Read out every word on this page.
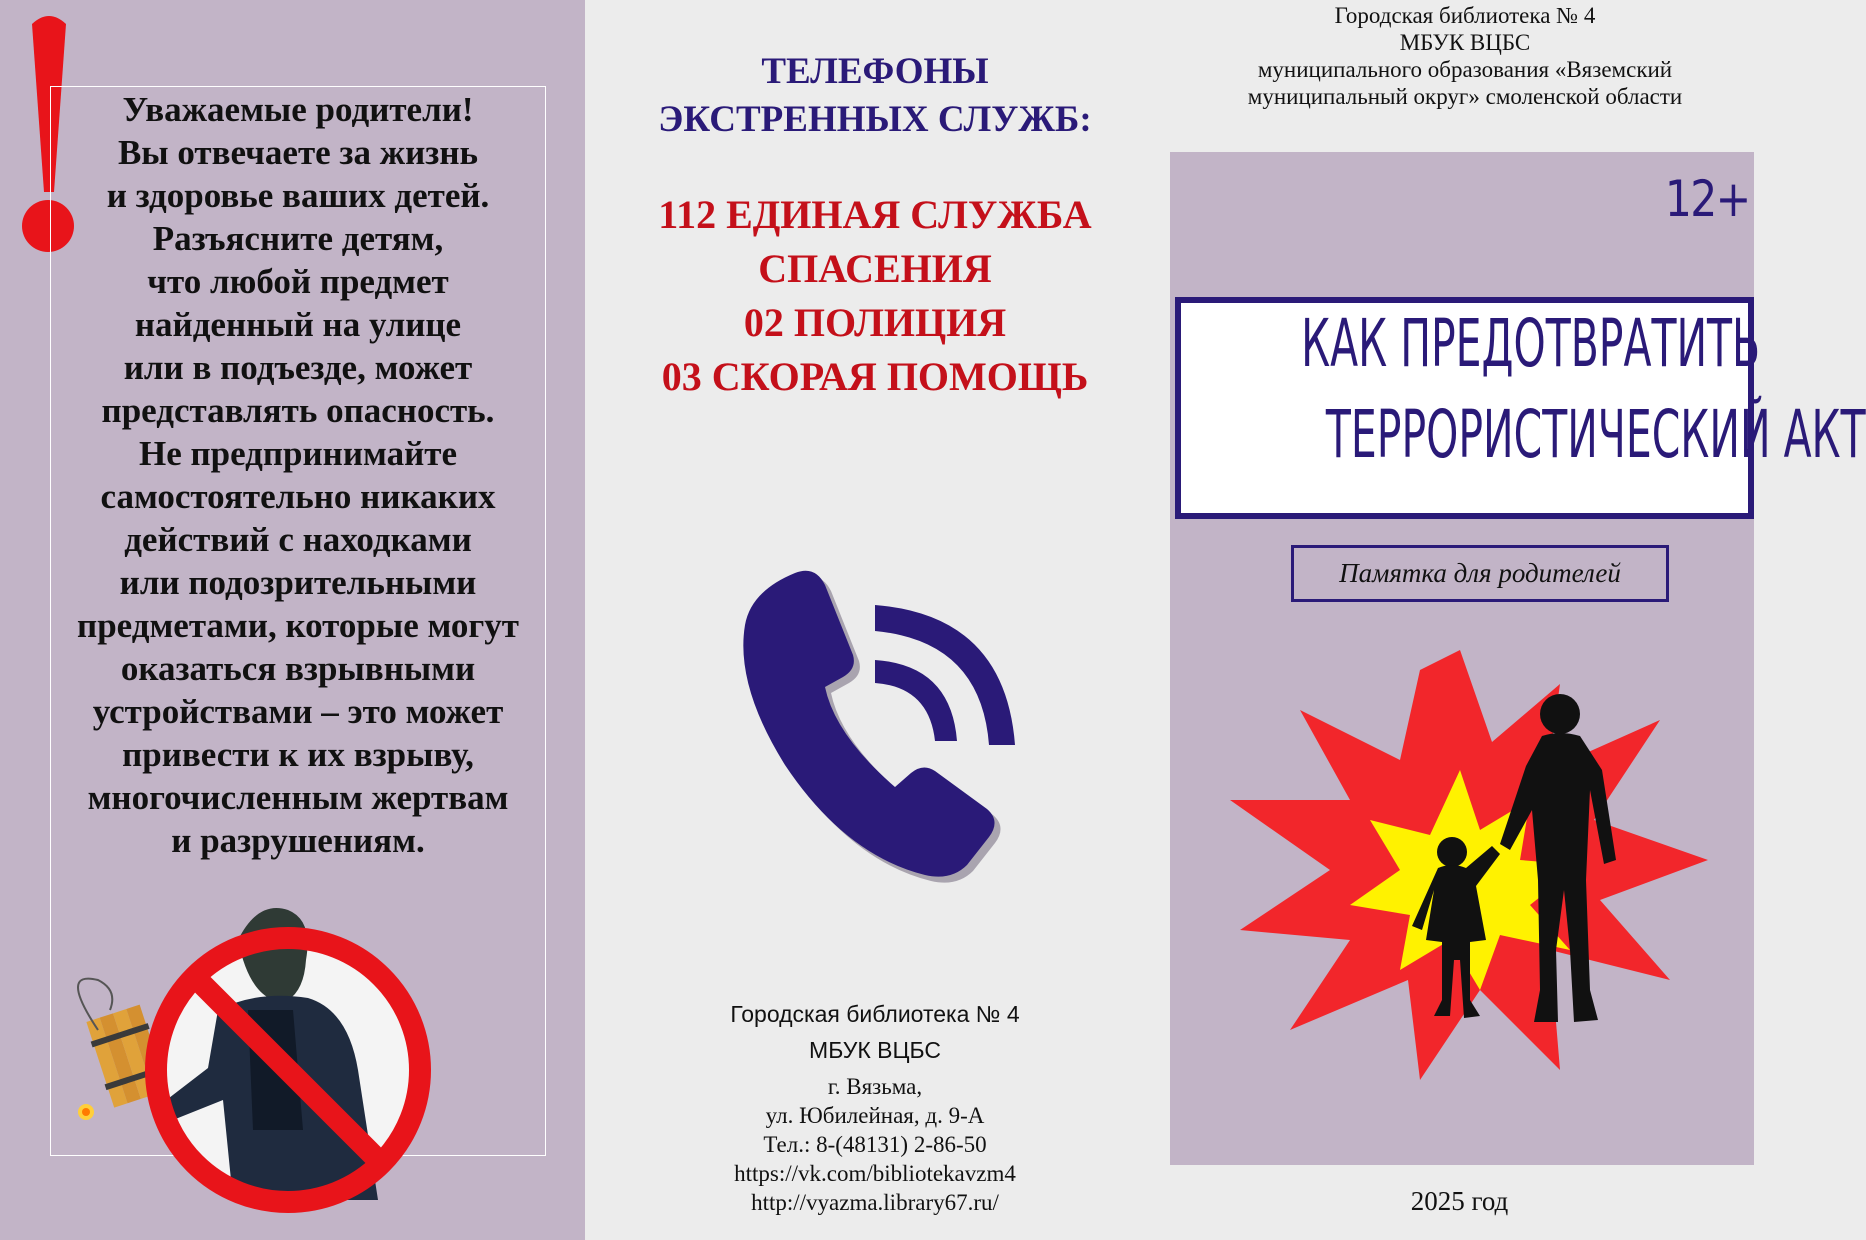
Уважаемые родители!
Вы отвечаете за жизнь
и здоровье ваших детей.
Разъясните детям,
что любой предмет
найденный на улице
или в подъезде, может
представлять опасность.
Не предпринимайте
самостоятельно никаких
действий с находками
или подозрительными
предметами, которые могут
оказаться взрывными
устройствами – это может
привести к их взрыву,
многочисленным жертвам
и разрушениям.
ТЕЛЕФОНЫ
ЭКСТРЕННЫХ СЛУЖБ:
112 ЕДИНАЯ СЛУЖБА
СПАСЕНИЯ
02 ПОЛИЦИЯ
03 СКОРАЯ ПОМОЩЬ
Городская библиотека № 4
МБУК ВЦБС
г. Вязьма,
ул. Юбилейная, д. 9-А
Тел.: 8-(48131) 2-86-50
https://vk.com/bibliotekavzm4
http://vyazma.library67.ru/
Городская библиотека № 4
МБУК ВЦБС
муниципального образования «Вяземский
муниципальный округ» смоленской области
12+
КАК ПРЕДОТВРАТИТЬ
ТЕРРОРИСТИЧЕСКИЙ АКТ
Памятка для родителей
2025 год
